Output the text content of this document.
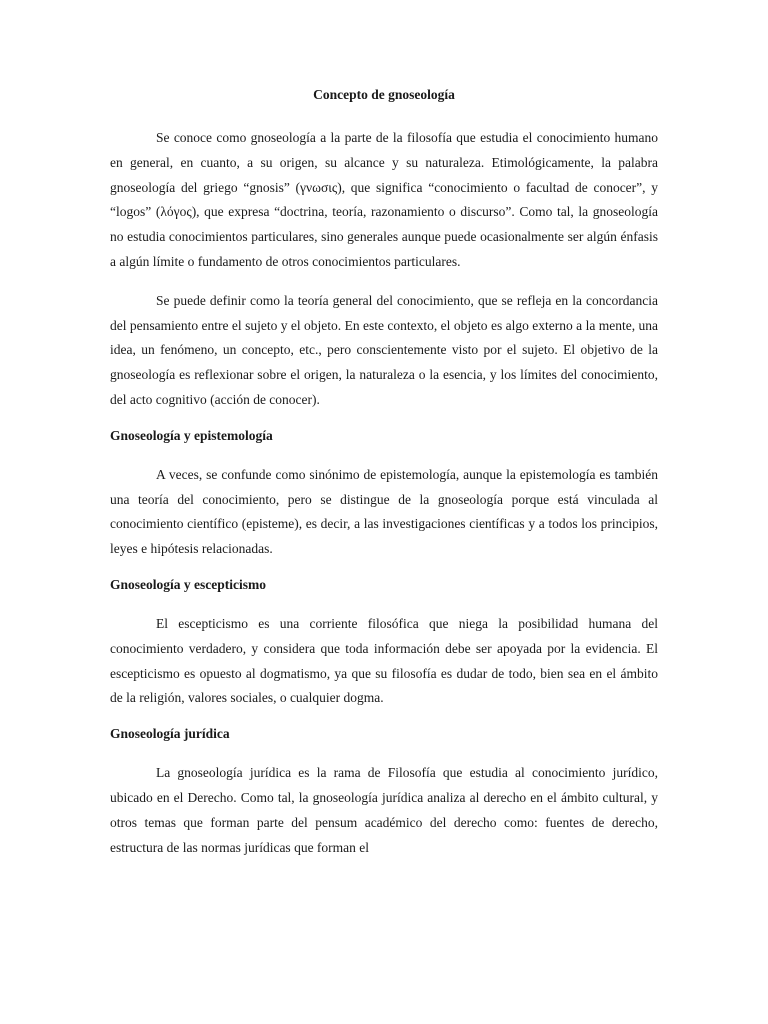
Concepto de gnoseología

Se conoce como gnoseología a la parte de la filosofía que estudia el conocimiento humano en general, en cuanto, a su origen, su alcance y su naturaleza. Etimológicamente, la palabra gnoseología del griego “gnosis” (γνωσις), que significa “conocimiento o facultad de conocer”, y “logos” (λόγος), que expresa “doctrina, teoría, razonamiento o discurso”. Como tal, la gnoseología no estudia conocimientos particulares, sino generales aunque puede ocasionalmente ser algún énfasis a algún límite o fundamento de otros conocimientos particulares.

Se puede definir como la teoría general del conocimiento, que se refleja en la concordancia del pensamiento entre el sujeto y el objeto. En este contexto, el objeto es algo externo a la mente, una idea, un fenómeno, un concepto, etc., pero conscientemente visto por el sujeto. El objetivo de la gnoseología es reflexionar sobre el origen, la naturaleza o la esencia, y los límites del conocimiento, del acto cognitivo (acción de conocer).

Gnoseología y epistemología

A veces, se confunde como sinónimo de epistemología, aunque la epistemología es también una teoría del conocimiento, pero se distingue de la gnoseología porque está vinculada al conocimiento científico (episteme), es decir, a las investigaciones científicas y a todos los principios, leyes e hipótesis relacionadas.

Gnoseología y escepticismo

El escepticismo es una corriente filosófica que niega la posibilidad humana del conocimiento verdadero, y considera que toda información debe ser apoyada por la evidencia. El escepticismo es opuesto al dogmatismo, ya que su filosofía es dudar de todo, bien sea en el ámbito de la religión, valores sociales, o cualquier dogma.

Gnoseología jurídica

La gnoseología jurídica es la rama de Filosofía que estudia al conocimiento jurídico, ubicado en el Derecho. Como tal, la gnoseología jurídica analiza al derecho en el ámbito cultural, y otros temas que forman parte del pensum académico del derecho como: fuentes de derecho, estructura de las normas jurídicas que forman el
